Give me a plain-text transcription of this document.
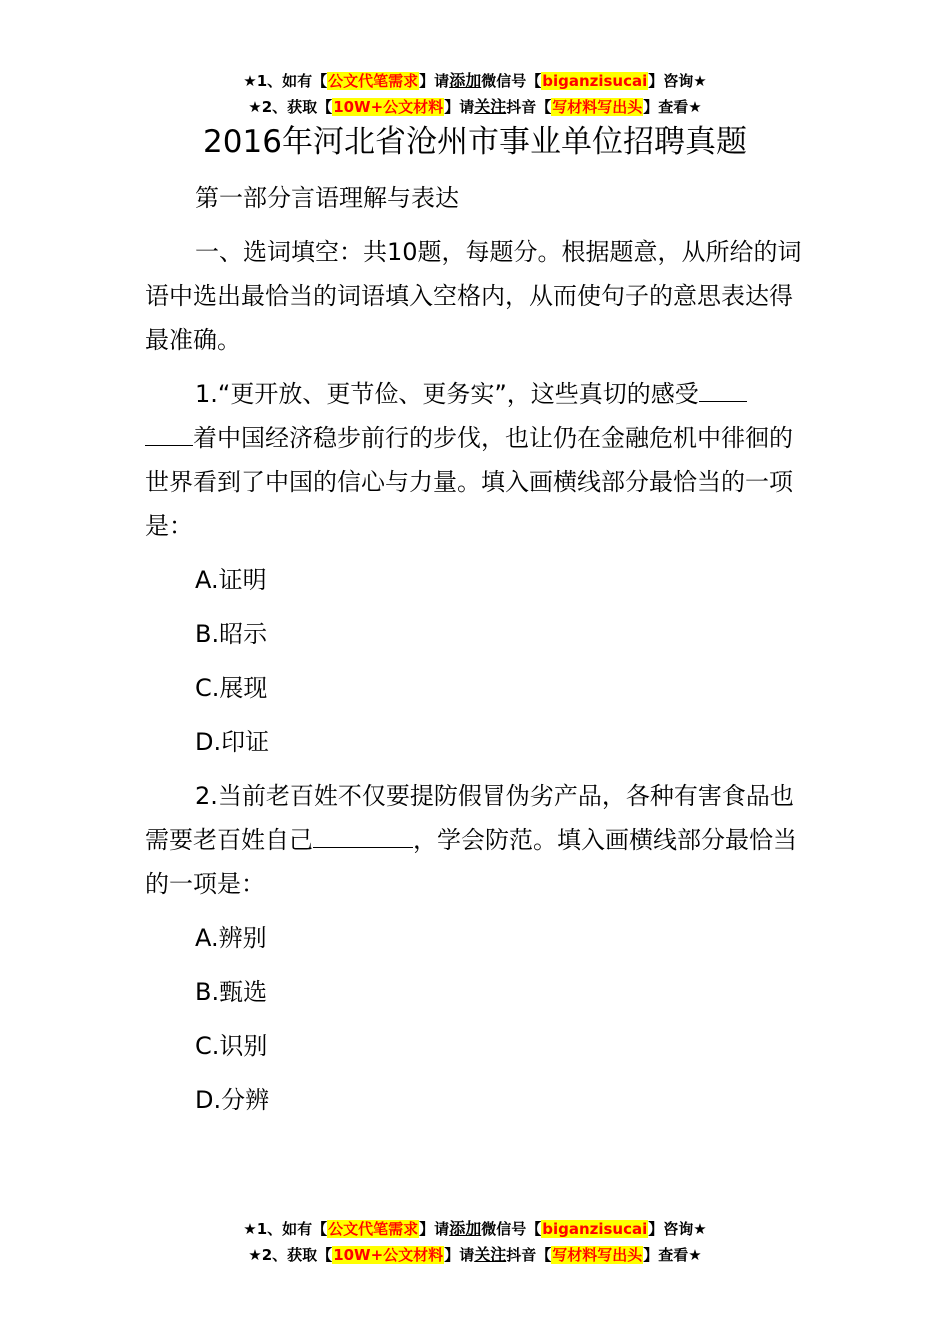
★1、如有【公文代笔需求】请添加微信号【biganzisucai】咨询★
★2、获取【10W+公文材料】请关注抖音【写材料写出头】查看★
2016年河北省沧州市事业单位招聘真题

第一部分言语理解与表达

一、选词填空：共10题，每题分。根据题意，从所给的词语中选出最恰当的词语填入空格内，从而使句子的意思表达得最准确。

1.“更开放、更节俭、更务实”，这些真切的感受
着中国经济稳步前行的步伐，也让仍在金融危机中徘徊的世界看到了中国的信心与力量。填入画横线部分最恰当的一项是：

A.证明

B.昭示

C.展现

D.印证

2.当前老百姓不仅要提防假冒伪劣产品，各种有害食品也需要老百姓自己	，学会防范。填入画横线部分最恰当的一项是：

A.辨别

B.甄选

C.识别

D.分辨

★1、如有【公文代笔需求】请添加微信号【biganzisucai】咨询★
★2、获取【10W+公文材料】请关注抖音【写材料写出头】查看★
